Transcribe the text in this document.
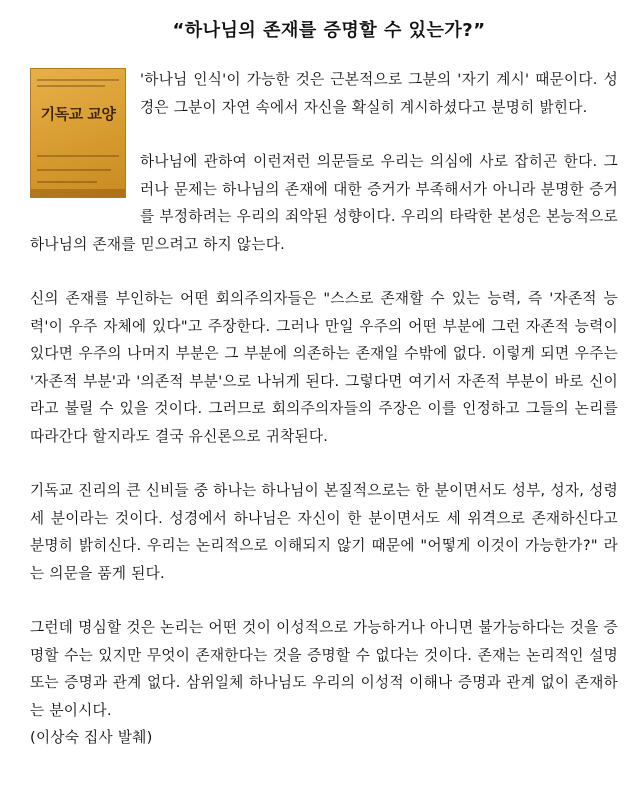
“하나님의 존재를 증명할 수 있는가?”
기독교 교양

'하나님 인식'이 가능한 것은 근본적으로 그분의 '자기 계시' 때문이다. 성경은 그분이 자연 속에서 자신을 확실히 계시하셨다고 분명히 밝힌다.

하나님에 관하여 이런저런 의문들로 우리는 의심에 사로 잡히곤 한다. 그러나 문제는 하나님의 존재에 대한 증거가 부족해서가 아니라 분명한 증거를 부정하려는 우리의 죄악된 성향이다. 우리의 타락한 본성은 본능적으로 하나님의 존재를 믿으려고 하지 않는다.

신의 존재를 부인하는 어떤 회의주의자들은 "스스로 존재할 수 있는 능력, 즉 '자존적 능력'이 우주 자체에 있다"고 주장한다. 그러나 만일 우주의 어떤 부분에 그런 자존적 능력이 있다면 우주의 나머지 부분은 그 부분에 의존하는 존재일 수밖에 없다. 이렇게 되면 우주는 '자존적 부분'과 '의존적 부분'으로 나뉘게 된다. 그렇다면 여기서 자존적 부분이 바로 신이라고 불릴 수 있을 것이다. 그러므로 회의주의자들의 주장은 이를 인정하고 그들의 논리를 따라간다 할지라도 결국 유신론으로 귀착된다.

기독교 진리의 큰 신비들 중 하나는 하나님이 본질적으로는 한 분이면서도 성부, 성자, 성령 세 분이라는 것이다. 성경에서 하나님은 자신이 한 분이면서도 세 위격으로 존재하신다고 분명히 밝히신다. 우리는 논리적으로 이해되지 않기 때문에 "어떻게 이것이 가능한가?" 라는 의문을 품게 된다.

그런데 명심할 것은 논리는 어떤 것이 이성적으로 가능하거나 아니면 불가능하다는 것을 증명할 수는 있지만 무엇이 존재한다는 것을 증명할 수 없다는 것이다. 존재는 논리적인 설명 또는 증명과 관계 없다. 삼위일체 하나님도 우리의 이성적 이해나 증명과 관계 없이 존재하는 분이시다.

(이상숙 집사 발췌)
